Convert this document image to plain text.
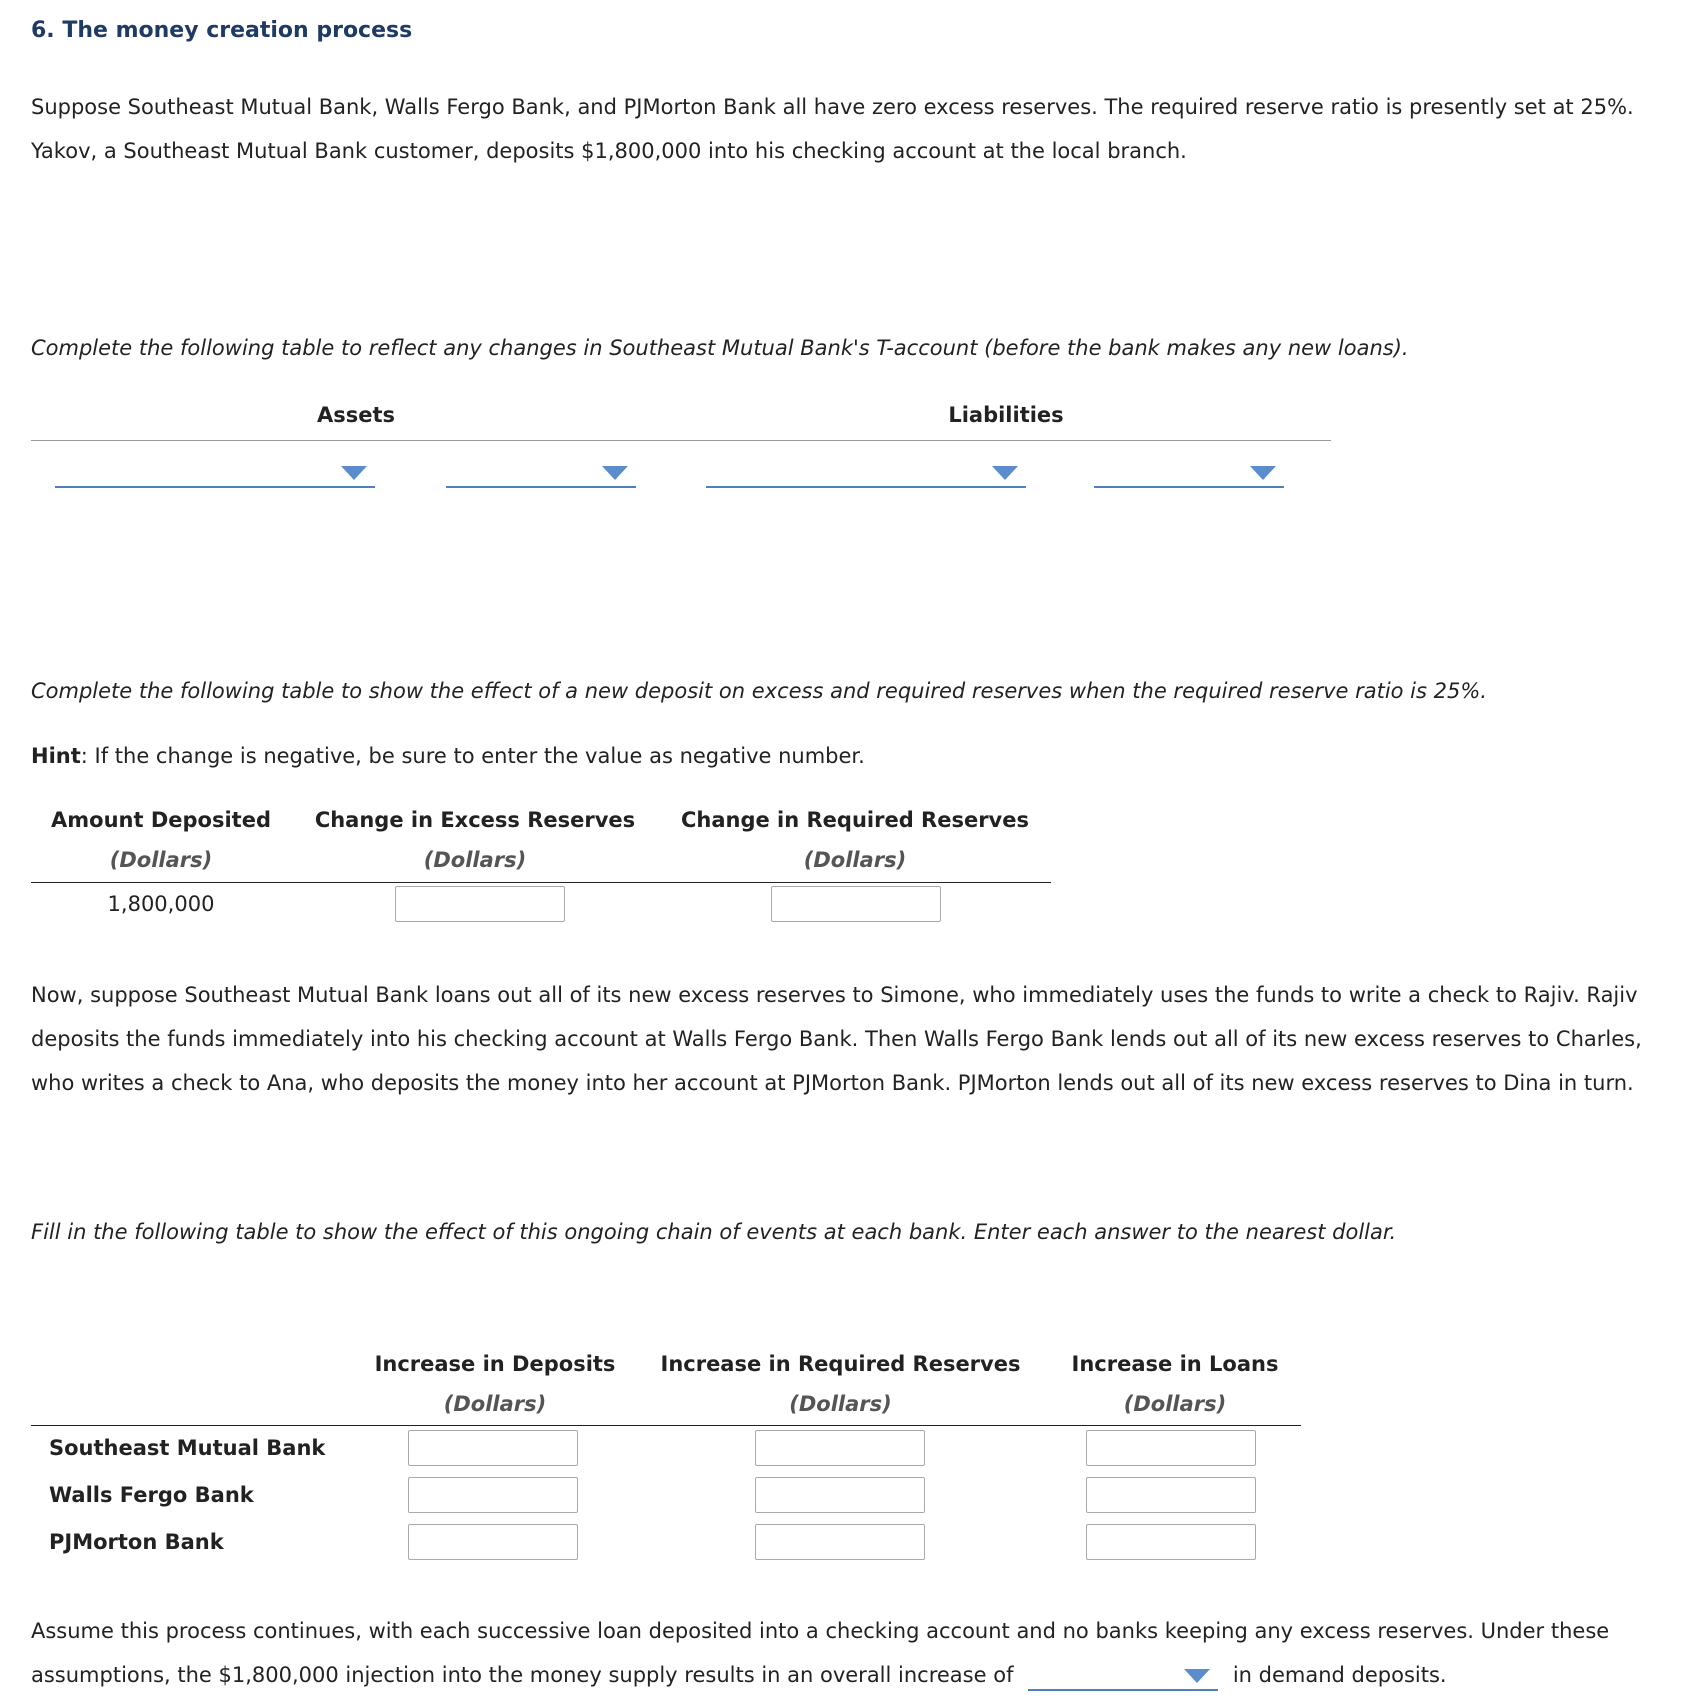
6. The money creation process
Suppose Southeast Mutual Bank, Walls Fergo Bank, and PJMorton Bank all have zero excess reserves. The required reserve ratio is presently set at 25%. Yakov, a Southeast Mutual Bank customer, deposits $1,800,000 into his checking account at the local branch.
Complete the following table to reflect any changes in Southeast Mutual Bank's T-account (before the bank makes any new loans).
Assets	Liabilities
Complete the following table to show the effect of a new deposit on excess and required reserves when the required reserve ratio is 25%.
Hint: If the change is negative, be sure to enter the value as negative number.
Amount Deposited	Change in Excess Reserves	Change in Required Reserves
(Dollars)	(Dollars)	(Dollars)
1,800,000
Now, suppose Southeast Mutual Bank loans out all of its new excess reserves to Simone, who immediately uses the funds to write a check to Rajiv. Rajiv deposits the funds immediately into his checking account at Walls Fergo Bank. Then Walls Fergo Bank lends out all of its new excess reserves to Charles, who writes a check to Ana, who deposits the money into her account at PJMorton Bank. PJMorton lends out all of its new excess reserves to Dina in turn.
Fill in the following table to show the effect of this ongoing chain of events at each bank. Enter each answer to the nearest dollar.
Increase in Deposits	Increase in Required Reserves	Increase in Loans
(Dollars)	(Dollars)	(Dollars)
Southeast Mutual Bank
Walls Fergo Bank
PJMorton Bank
Assume this process continues, with each successive loan deposited into a checking account and no banks keeping any excess reserves. Under these assumptions, the $1,800,000 injection into the money supply results in an overall increase of	in demand deposits.
